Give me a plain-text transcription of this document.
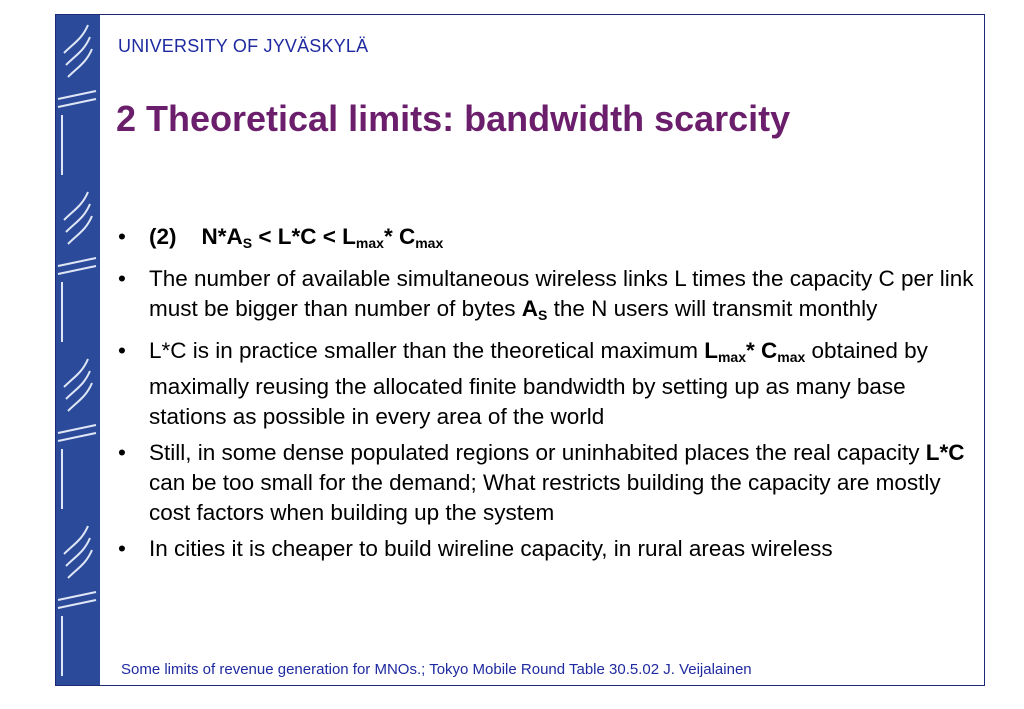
UNIVERSITY OF JYVÄSKYLÄ
2 Theoretical limits: bandwidth scarcity
• (2) $N*A_S < L*C < L_{max}*$ $C_{max}$
• The number of available simultaneous wireless links L times the capacity C per link must be bigger than number of bytes $A_S$ the N users will transmit monthly
• L*C is in practice smaller than the theoretical maximum $L_{max}*$ $C_{max}$ obtained by maximally reusing the allocated finite bandwidth by setting up as many base stations as possible in every area of the world
• Still, in some dense populated regions or uninhabited places the real capacity L*C can be too small for the demand; What restricts building the capacity are mostly cost factors when building up the system
• In cities it is cheaper to build wireline capacity, in rural areas wireless
Some limits of revenue generation for MNOs.; Tokyo Mobile Round Table 30.5.02 J. Veijalainen
